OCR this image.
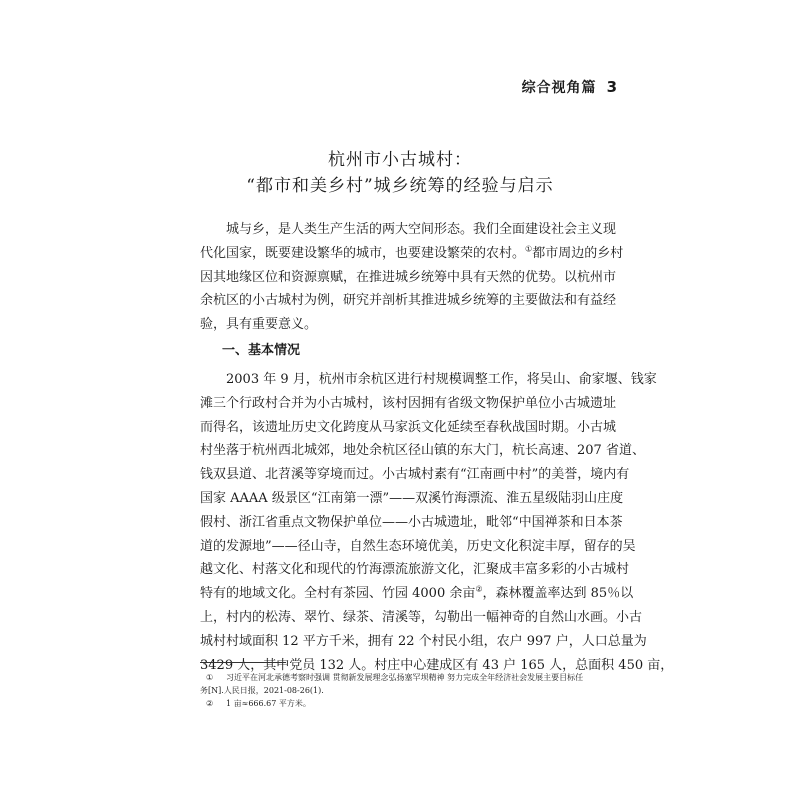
综合视角篇 3
杭州市小古城村：
“都市和美乡村”城乡统筹的经验与启示
城与乡，是人类生产生活的两大空间形态。我们全面建设社会主义现
代化国家，既要建设繁华的城市，也要建设繁荣的农村。①都市周边的乡村
因其地缘区位和资源禀赋，在推进城乡统筹中具有天然的优势。以杭州市
余杭区的小古城村为例，研究并剖析其推进城乡统筹的主要做法和有益经
验，具有重要意义。
一、基本情况
2003 年 9 月，杭州市余杭区进行村规模调整工作，将吴山、俞家堰、钱家
滩三个行政村合并为小古城村，该村因拥有省级文物保护单位小古城遗址
而得名，该遗址历史文化跨度从马家浜文化延续至春秋战国时期。小古城
村坐落于杭州西北城郊，地处余杭区径山镇的东大门，杭长高速、207 省道、
钱双县道、北苕溪等穿境而过。小古城村素有“江南画中村”的美誉，境内有
国家 AAAA 级景区“江南第一漂”——双溪竹海漂流、淮五星级陆羽山庄度
假村、浙江省重点文物保护单位——小古城遗址，毗邻“中国禅茶和日本茶
道的发源地”——径山寺，自然生态环境优美，历史文化积淀丰厚，留存的吴
越文化、村落文化和现代的竹海漂流旅游文化，汇聚成丰富多彩的小古城村
特有的地域文化。全村有茶园、竹园 4000 余亩②，森林覆盖率达到 85％以
上，村内的松涛、翠竹、绿茶、清溪等，勾勒出一幅神奇的自然山水画。小古
城村村域面积 12 平方千米，拥有 22 个村民小组，农户 997 户，人口总量为
3429 人，其中党员 132 人。村庄中心建成区有 43 户 165 人，总面积 450 亩，
① 习近平在河北承德考察时强调 贯彻新发展理念弘扬塞罕坝精神 努力完成全年经济社会发展主要目标任
务[N].人民日报，2021-08-26(1).
② 1 亩≈666.67 平方米。
